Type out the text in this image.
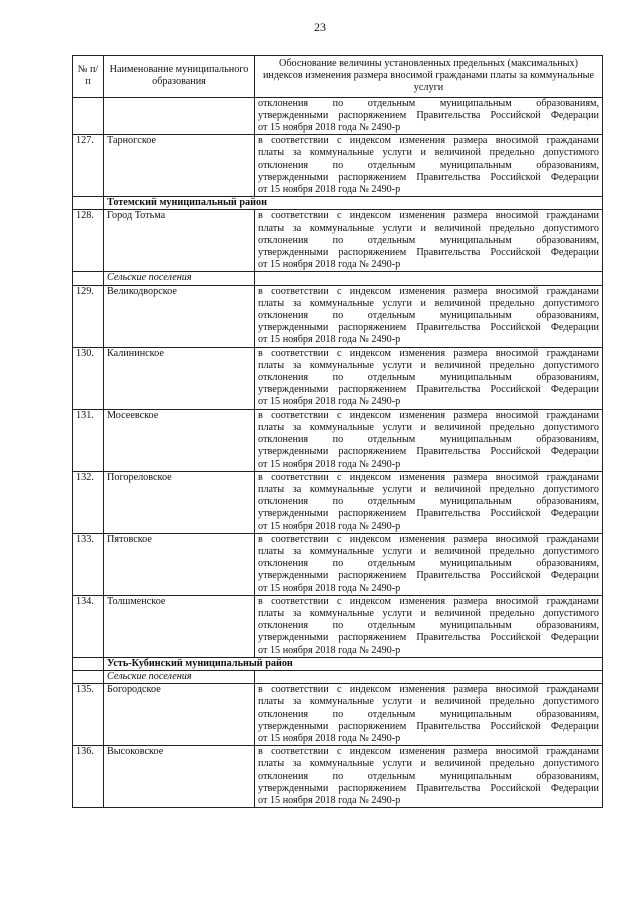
23
№ п/п	Наименование муниципального образования	Обоснование величины установленных предельных (максимальных) индексов изменения размера вносимой гражданами платы за коммунальные услуги

		отклонения по отдельным муниципальным образованиям,
утвержденными распоряжением Правительства Российской Федерации
от 15 ноября 2018 года № 2490-р

127.	Тарногское	в соответствии с индексом изменения размера вносимой гражданами
платы за коммунальные услуги и величиной предельно допустимого
отклонения по отдельным муниципальным образованиям,
утвержденными распоряжением Правительства Российской Федерации
от 15 ноября 2018 года № 2490-р

	Тотемский муниципальный район	
128.	Город Тотьма	в соответствии с индексом изменения размера вносимой гражданами
платы за коммунальные услуги и величиной предельно допустимого
отклонения по отдельным муниципальным образованиям,
утвержденными распоряжением Правительства Российской Федерации
от 15 ноября 2018 года № 2490-р

	Сельские поселения	
129.	Великодворское	в соответствии с индексом изменения размера вносимой гражданами
платы за коммунальные услуги и величиной предельно допустимого
отклонения по отдельным муниципальным образованиям,
утвержденными распоряжением Правительства Российской Федерации
от 15 ноября 2018 года № 2490-р

130.	Калининское	в соответствии с индексом изменения размера вносимой гражданами
платы за коммунальные услуги и величиной предельно допустимого
отклонения по отдельным муниципальным образованиям,
утвержденными распоряжением Правительства Российской Федерации
от 15 ноября 2018 года № 2490-р

131.	Мосеевское	в соответствии с индексом изменения размера вносимой гражданами
платы за коммунальные услуги и величиной предельно допустимого
отклонения по отдельным муниципальным образованиям,
утвержденными распоряжением Правительства Российской Федерации
от 15 ноября 2018 года № 2490-р

132.	Погореловское	в соответствии с индексом изменения размера вносимой гражданами
платы за коммунальные услуги и величиной предельно допустимого
отклонения по отдельным муниципальным образованиям,
утвержденными распоряжением Правительства Российской Федерации
от 15 ноября 2018 года № 2490-р

133.	Пятовское	в соответствии с индексом изменения размера вносимой гражданами
платы за коммунальные услуги и величиной предельно допустимого
отклонения по отдельным муниципальным образованиям,
утвержденными распоряжением Правительства Российской Федерации
от 15 ноября 2018 года № 2490-р

134.	Толшменское	в соответствии с индексом изменения размера вносимой гражданами
платы за коммунальные услуги и величиной предельно допустимого
отклонения по отдельным муниципальным образованиям,
утвержденными распоряжением Правительства Российской Федерации
от 15 ноября 2018 года № 2490-р

	Усть-Кубинский муниципальный район	
	Сельские поселения	
135.	Богородское	в соответствии с индексом изменения размера вносимой гражданами
платы за коммунальные услуги и величиной предельно допустимого
отклонения по отдельным муниципальным образованиям,
утвержденными распоряжением Правительства Российской Федерации
от 15 ноября 2018 года № 2490-р

136.	Высоковское	в соответствии с индексом изменения размера вносимой гражданами
платы за коммунальные услуги и величиной предельно допустимого
отклонения по отдельным муниципальным образованиям,
утвержденными распоряжением Правительства Российской Федерации
от 15 ноября 2018 года № 2490-р
